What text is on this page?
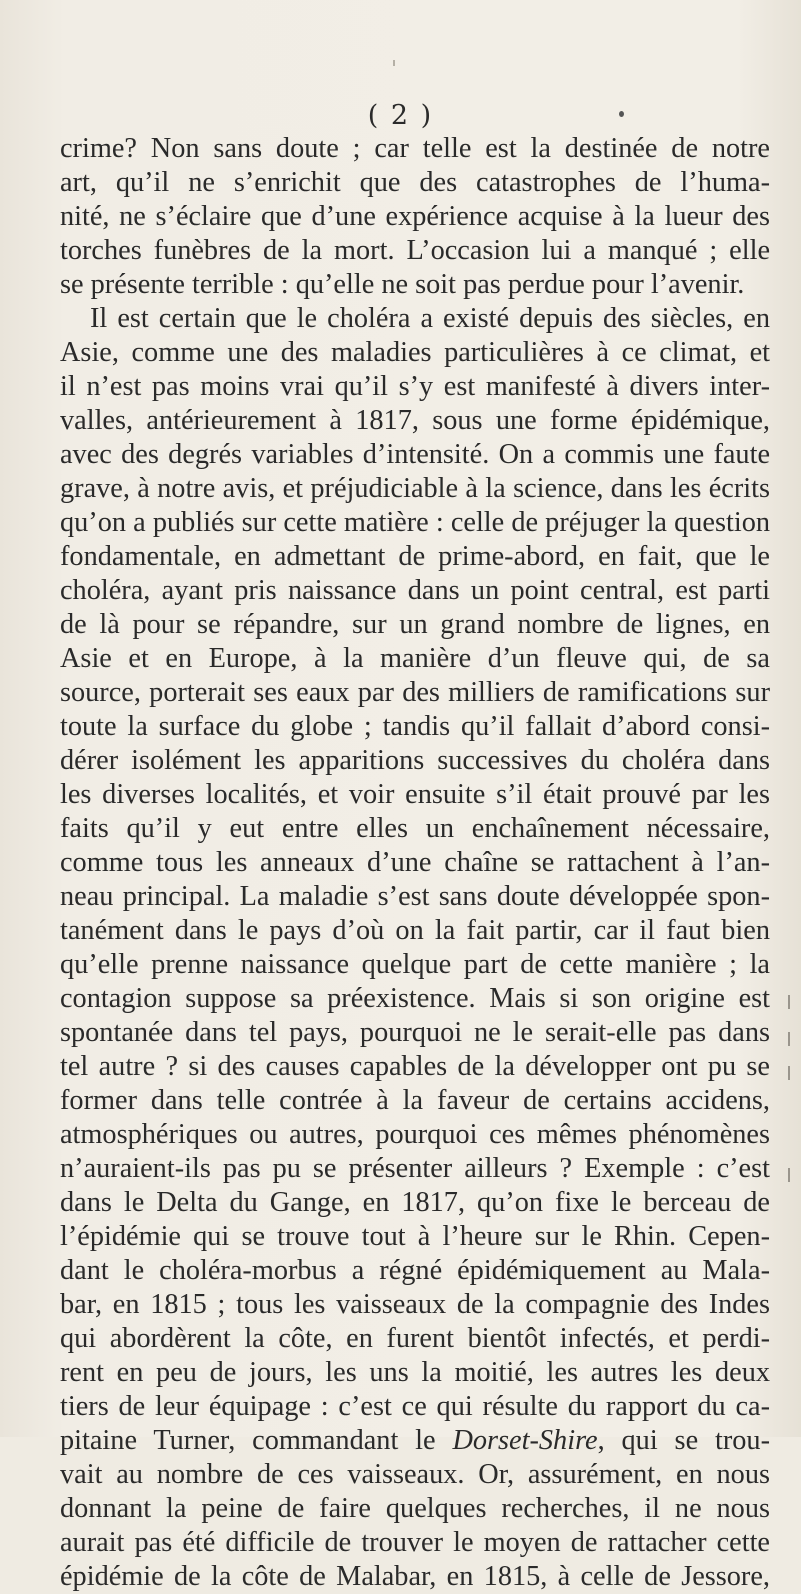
( 2 )
crime? Non sans doute ; car telle est la destinée de notre
art, qu’il ne s’enrichit que des catastrophes de l’huma-
nité, ne s’éclaire que d’une expérience acquise à la lueur des
torches funèbres de la mort. L’occasion lui a manqué ; elle
se présente terrible : qu’elle ne soit pas perdue pour l’avenir.
Il est certain que le choléra a existé depuis des siècles, en
Asie, comme une des maladies particulières à ce climat, et
il n’est pas moins vrai qu’il s’y est manifesté à divers inter-
valles, antérieurement à 1817, sous une forme épidémique,
avec des degrés variables d’intensité. On a commis une faute
grave, à notre avis, et préjudiciable à la science, dans les écrits
qu’on a publiés sur cette matière : celle de préjuger la question
fondamentale, en admettant de prime-abord, en fait, que le
choléra, ayant pris naissance dans un point central, est parti
de là pour se répandre, sur un grand nombre de lignes, en
Asie et en Europe, à la manière d’un fleuve qui, de sa
source, porterait ses eaux par des milliers de ramifications sur
toute la surface du globe ; tandis qu’il fallait d’abord consi-
dérer isolément les apparitions successives du choléra dans
les diverses localités, et voir ensuite s’il était prouvé par les
faits qu’il y eut entre elles un enchaînement nécessaire,
comme tous les anneaux d’une chaîne se rattachent à l’an-
neau principal. La maladie s’est sans doute développée spon-
tanément dans le pays d’où on la fait partir, car il faut bien
qu’elle prenne naissance quelque part de cette manière ; la
contagion suppose sa préexistence. Mais si son origine est
spontanée dans tel pays, pourquoi ne le serait-elle pas dans
tel autre ? si des causes capables de la développer ont pu se
former dans telle contrée à la faveur de certains accidens,
atmosphériques ou autres, pourquoi ces mêmes phénomènes
n’auraient-ils pas pu se présenter ailleurs ? Exemple : c’est
dans le Delta du Gange, en 1817, qu’on fixe le berceau de
l’épidémie qui se trouve tout à l’heure sur le Rhin. Cepen-
dant le choléra-morbus a régné épidémiquement au Mala-
bar, en 1815 ; tous les vaisseaux de la compagnie des Indes
qui abordèrent la côte, en furent bientôt infectés, et perdi-
rent en peu de jours, les uns la moitié, les autres les deux
tiers de leur équipage : c’est ce qui résulte du rapport du ca-
pitaine Turner, commandant le Dorset-Shire, qui se trou-
vait au nombre de ces vaisseaux. Or, assurément, en nous
donnant la peine de faire quelques recherches, il ne nous
aurait pas été difficile de trouver le moyen de rattacher cette
épidémie de la côte de Malabar, en 1815, à celle de Jessore,
